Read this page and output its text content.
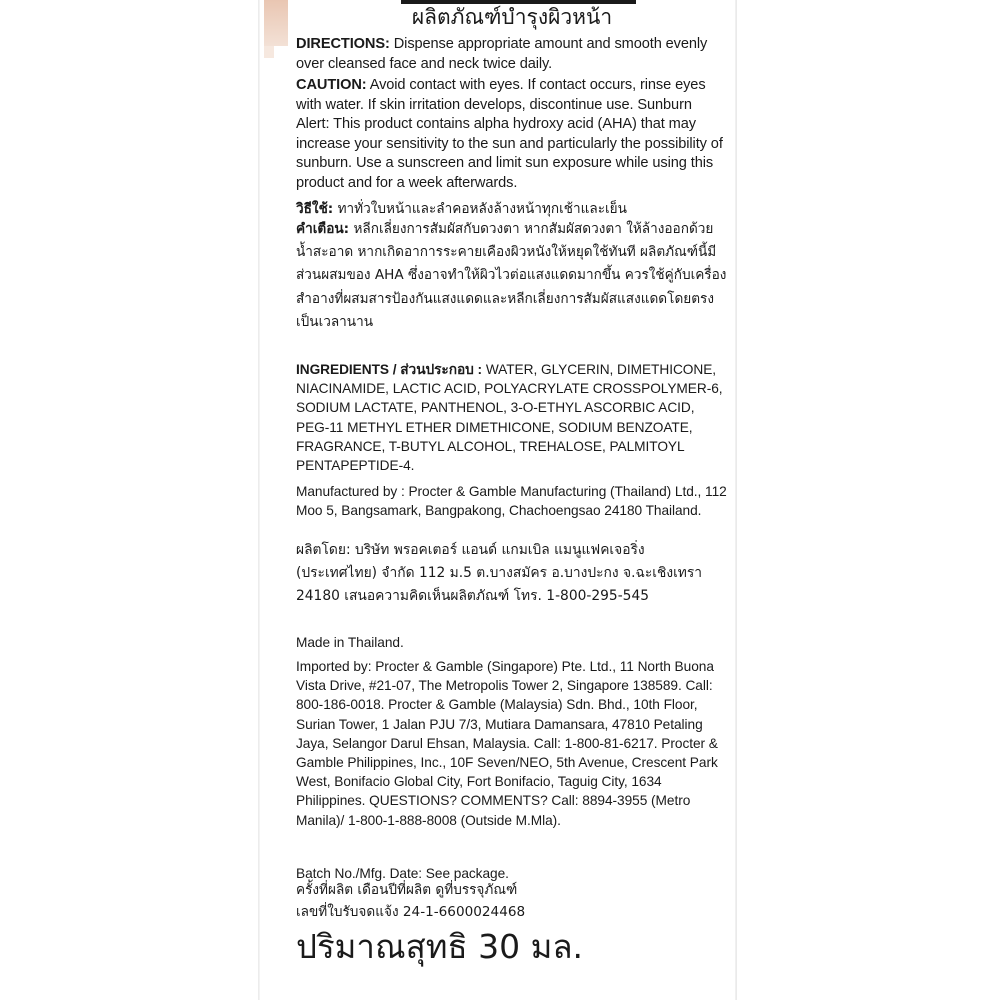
ผลิตภัณฑ์บำรุงผิวหน้า

DIRECTIONS: Dispense appropriate amount and smooth evenly over cleansed face and neck twice daily.

CAUTION: Avoid contact with eyes. If contact occurs, rinse eyes with water. If skin irritation develops, discontinue use. Sunburn Alert: This product contains alpha hydroxy acid (AHA) that may increase your sensitivity to the sun and particularly the possibility of sunburn. Use a sunscreen and limit sun exposure while using this product and for a week afterwards.

วิธีใช้: ทาทั่วใบหน้าและลำคอหลังล้างหน้าทุกเช้าและเย็น

คำเตือน: หลีกเลี่ยงการสัมผัสกับดวงตา หากสัมผัสดวงตา ให้ล้างออกด้วยน้ำสะอาด หากเกิดอาการระคายเคืองผิวหนังให้หยุดใช้ทันที ผลิตภัณฑ์นี้มีส่วนผสมของ AHA ซึ่งอาจทำให้ผิวไวต่อแสงแดดมากขึ้น ควรใช้คู่กับเครื่องสำอางที่ผสมสารป้องกันแสงแดดและหลีกเลี่ยงการสัมผัสแสงแดดโดยตรงเป็นเวลานาน

INGREDIENTS / ส่วนประกอบ : WATER, GLYCERIN, DIMETHICONE, NIACINAMIDE, LACTIC ACID, POLYACRYLATE CROSSPOLYMER-6, SODIUM LACTATE, PANTHENOL, 3-O-ETHYL ASCORBIC ACID, PEG-11 METHYL ETHER DIMETHICONE, SODIUM BENZOATE, FRAGRANCE, T-BUTYL ALCOHOL, TREHALOSE, PALMITOYL PENTAPEPTIDE-4.

Manufactured by : Procter & Gamble Manufacturing (Thailand) Ltd., 112 Moo 5, Bangsamark, Bangpakong, Chachoengsao 24180 Thailand.

ผลิตโดย: บริษัท พรอคเตอร์ แอนด์ แกมเบิล แมนูแฟคเจอริ่ง (ประเทศไทย) จำกัด 112 ม.5 ต.บางสมัคร อ.บางปะกง จ.ฉะเชิงเทรา 24180 เสนอความคิดเห็นผลิตภัณฑ์ โทร. 1-800-295-545

Made in Thailand.

Imported by: Procter & Gamble (Singapore) Pte. Ltd., 11 North Buona Vista Drive, #21-07, The Metropolis Tower 2, Singapore 138589. Call: 800-186-0018. Procter & Gamble (Malaysia) Sdn. Bhd., 10th Floor, Surian Tower, 1 Jalan PJU 7/3, Mutiara Damansara, 47810 Petaling Jaya, Selangor Darul Ehsan, Malaysia. Call: 1-800-81-6217. Procter & Gamble Philippines, Inc., 10F Seven/NEO, 5th Avenue, Crescent Park West, Bonifacio Global City, Fort Bonifacio, Taguig City, 1634 Philippines. QUESTIONS? COMMENTS? Call: 8894-3955 (Metro Manila)/ 1-800-1-888-8008 (Outside M.Mla).

Batch No./Mfg. Date: See package.

ครั้งที่ผลิต เดือนปีที่ผลิต ดูที่บรรจุภัณฑ์

เลขที่ใบรับจดแจ้ง 24-1-6600024468

ปริมาณสุทธิ 30 มล.
